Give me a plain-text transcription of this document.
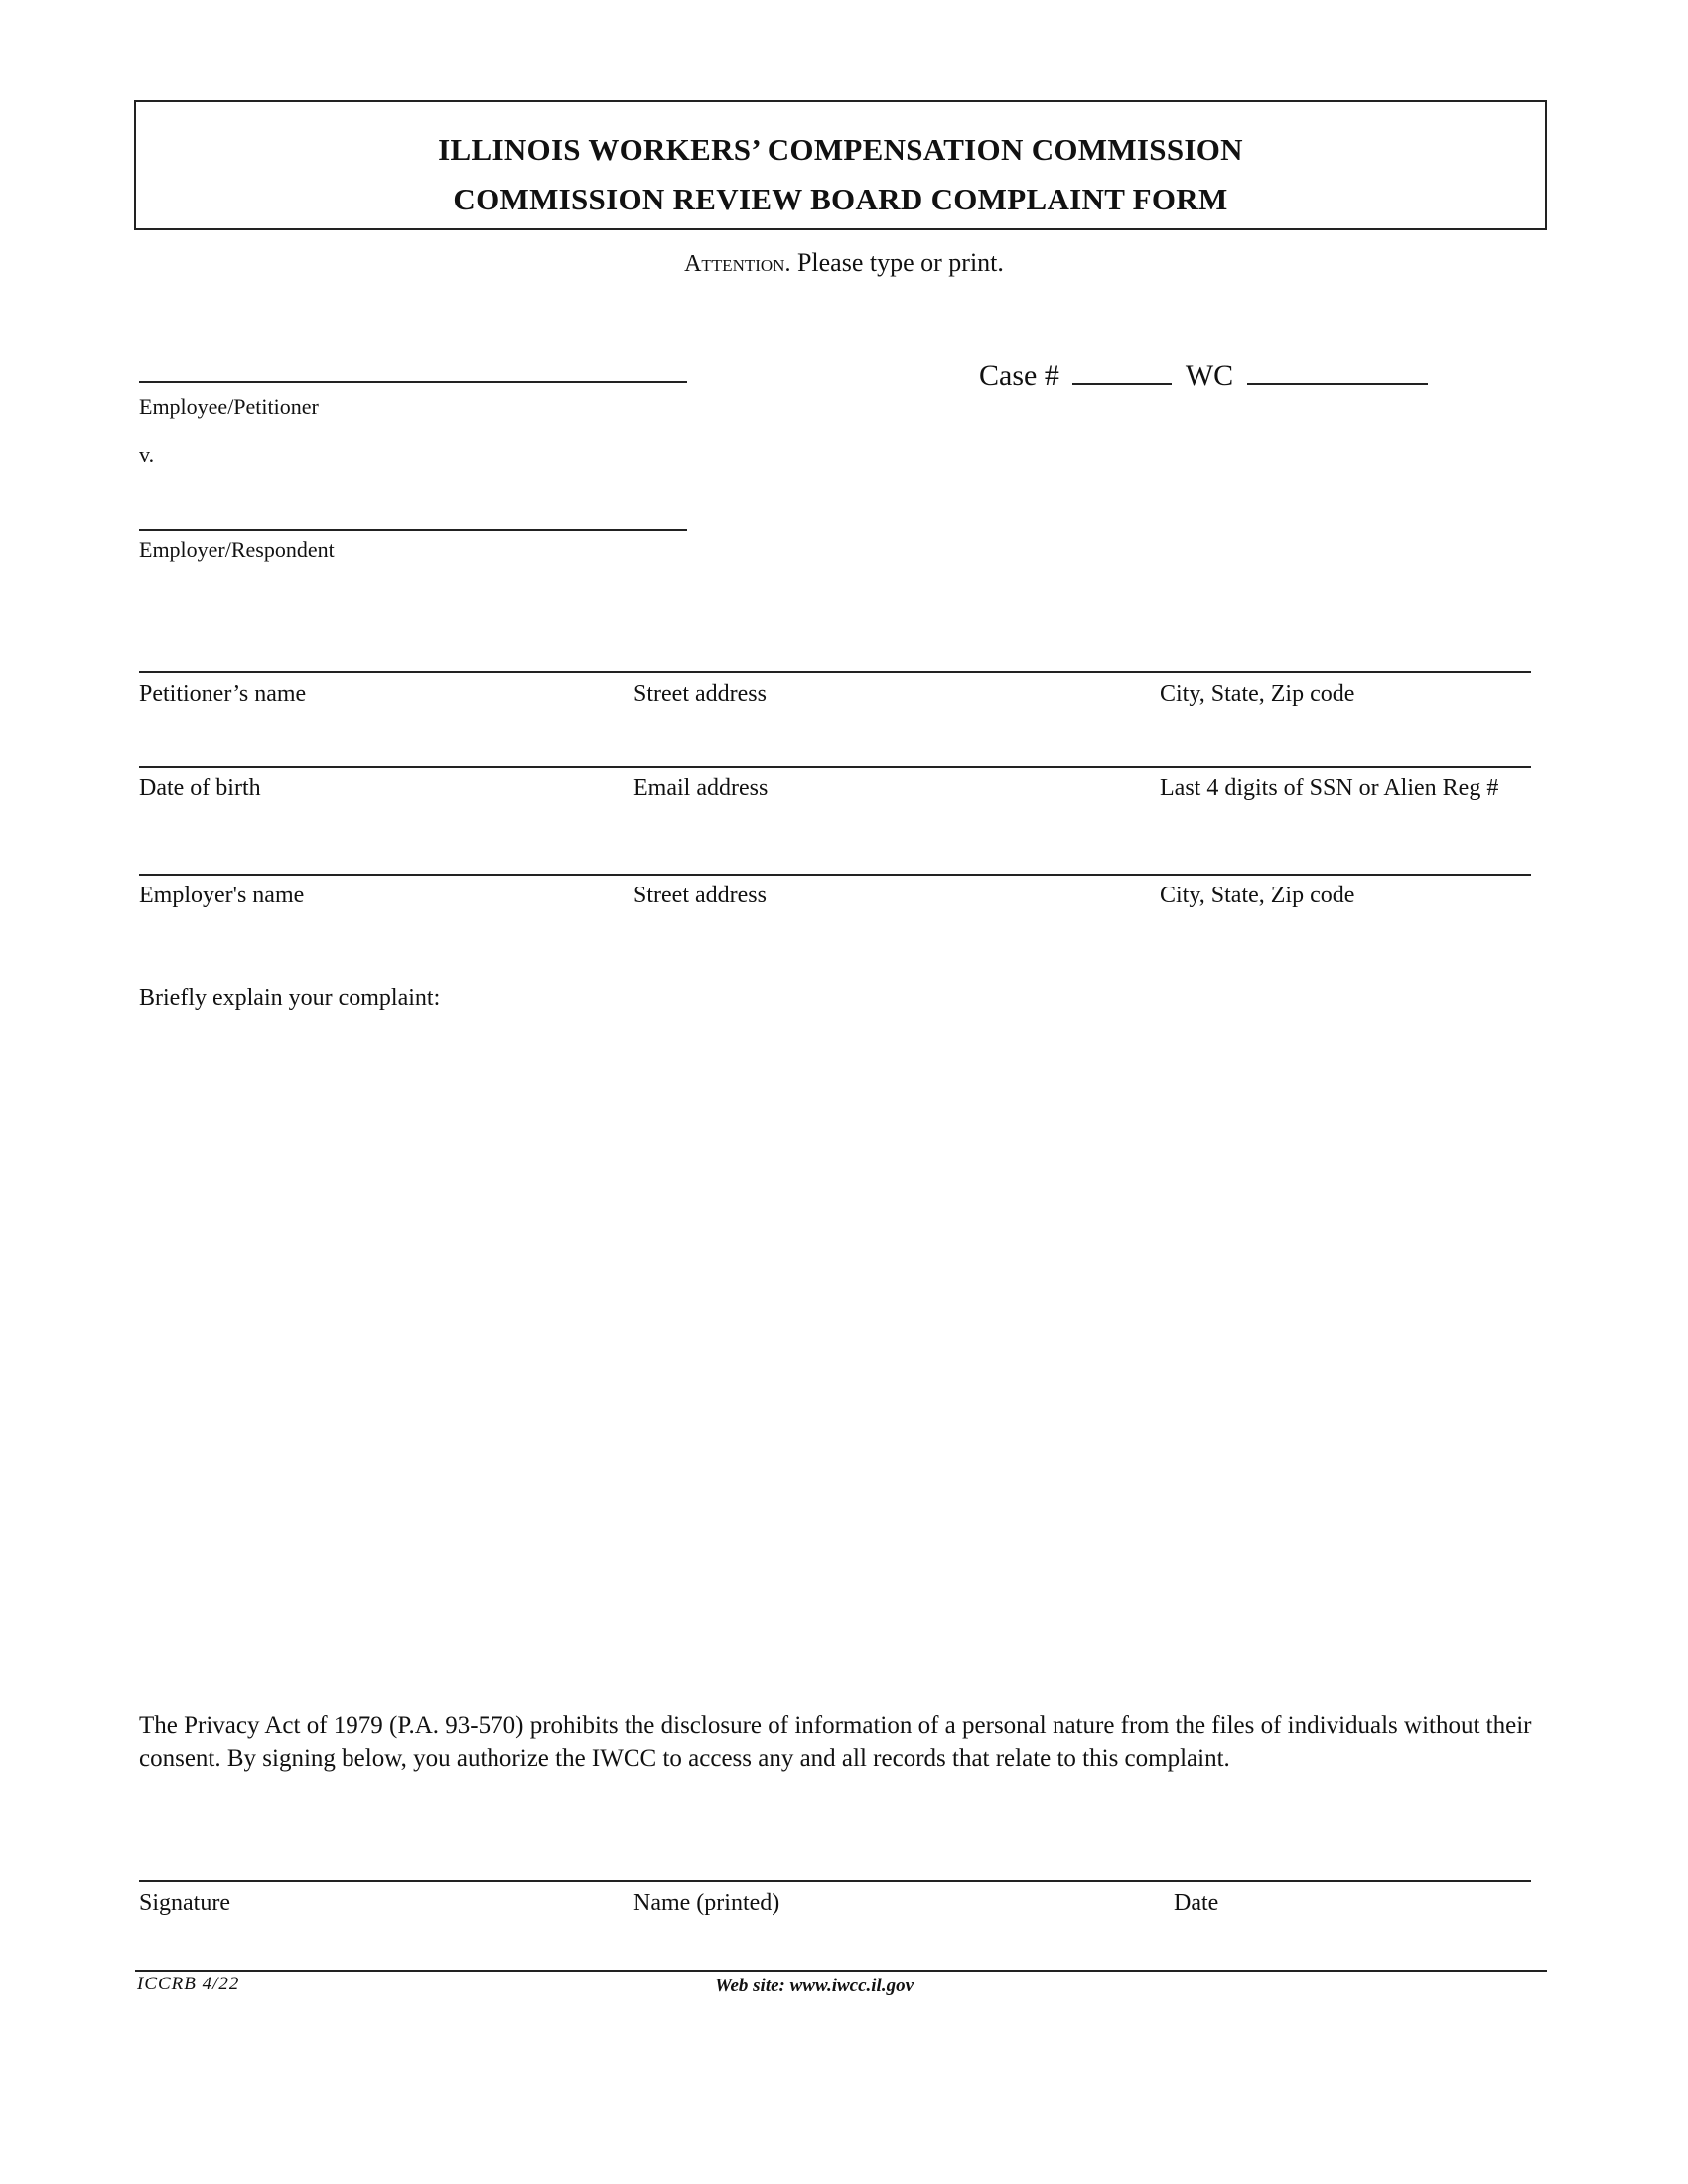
ILLINOIS WORKERS’ COMPENSATION COMMISSION
COMMISSION REVIEW BOARD COMPLAINT FORM
Attention. Please type or print.
Employee/Petitioner
v.
Case #	WC
Employer/Respondent
Petitioner’s name	Street address	City, State, Zip code
Date of birth	Email address	Last 4 digits of SSN or Alien Reg #
Employer's name	Street address	City, State, Zip code
Briefly explain your complaint:
The Privacy Act of 1979 (P.A. 93-570) prohibits the disclosure of information of a personal nature from the files of individuals without their consent. By signing below, you authorize the IWCC to access any and all records that relate to this complaint.
Signature	Name (printed)	Date
ICCRB 4/22	Web site: www.iwcc.il.gov
